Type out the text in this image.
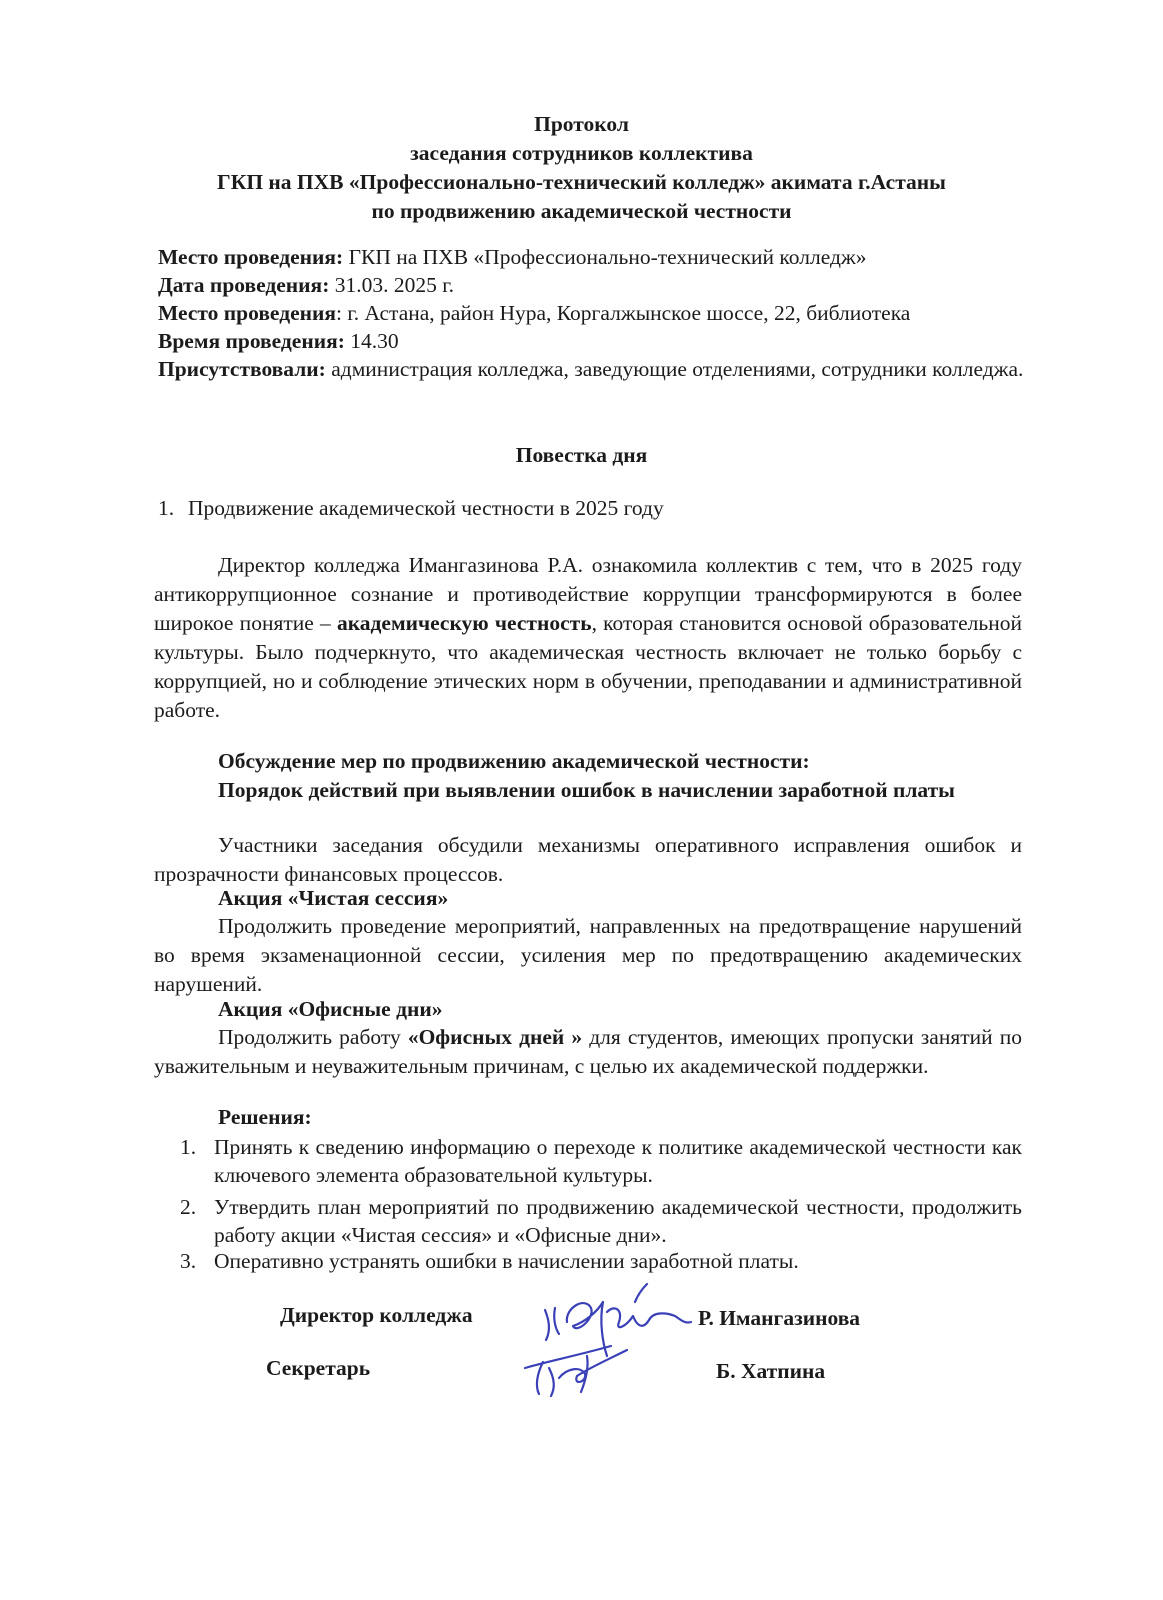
Протокол

заседания сотрудников коллектива

ГКП на ПХВ «Профессионально-технический колледж» акимата г.Астаны

по продвижению академической честности

Место проведения: ГКП на ПХВ «Профессионально-технический колледж»

Дата проведения: 31.03. 2025 г.

Место проведения: г. Астана, район Нура, Коргалжынское шоссе, 22, библиотека

Время проведения: 14.30

Присутствовали: администрация колледжа, заведующие отделениями, сотрудники колледжа.

Повестка дня

1. Продвижение академической честности в 2025 году

Директор колледжа Имангазинова Р.А. ознакомила коллектив с тем, что в 2025 году антикоррупционное сознание и противодействие коррупции трансформируются в более широкое понятие – академическую честность, которая становится основой образовательной культуры. Было подчеркнуто, что академическая честность включает не только борьбу с коррупцией, но и соблюдение этических норм в обучении, преподавании и административной работе.

Обсуждение мер по продвижению академической честности:

Порядок действий при выявлении ошибок в начислении заработной платы

Участники заседания обсудили механизмы оперативного исправления ошибок и прозрачности финансовых процессов.

Акция «Чистая сессия»

Продолжить проведение мероприятий, направленных на предотвращение нарушений во время экзаменационной сессии, усиления мер по предотвращению академических нарушений.

Акция «Офисные дни»

Продолжить работу «Офисных дней » для студентов, имеющих пропуски занятий по уважительным и неуважительным причинам, с целью их академической поддержки.

Решения:

1. Принять к сведению информацию о переходе к политике академической честности как ключевого элемента образовательной культуры.

2. Утвердить план мероприятий по продвижению академической честности, продолжить работу акции «Чистая сессия» и «Офисные дни».

3. Оперативно устранять ошибки в начислении заработной платы.

Директор колледжа	Р. Имангазинова

Секретарь	Б. Хатпина
